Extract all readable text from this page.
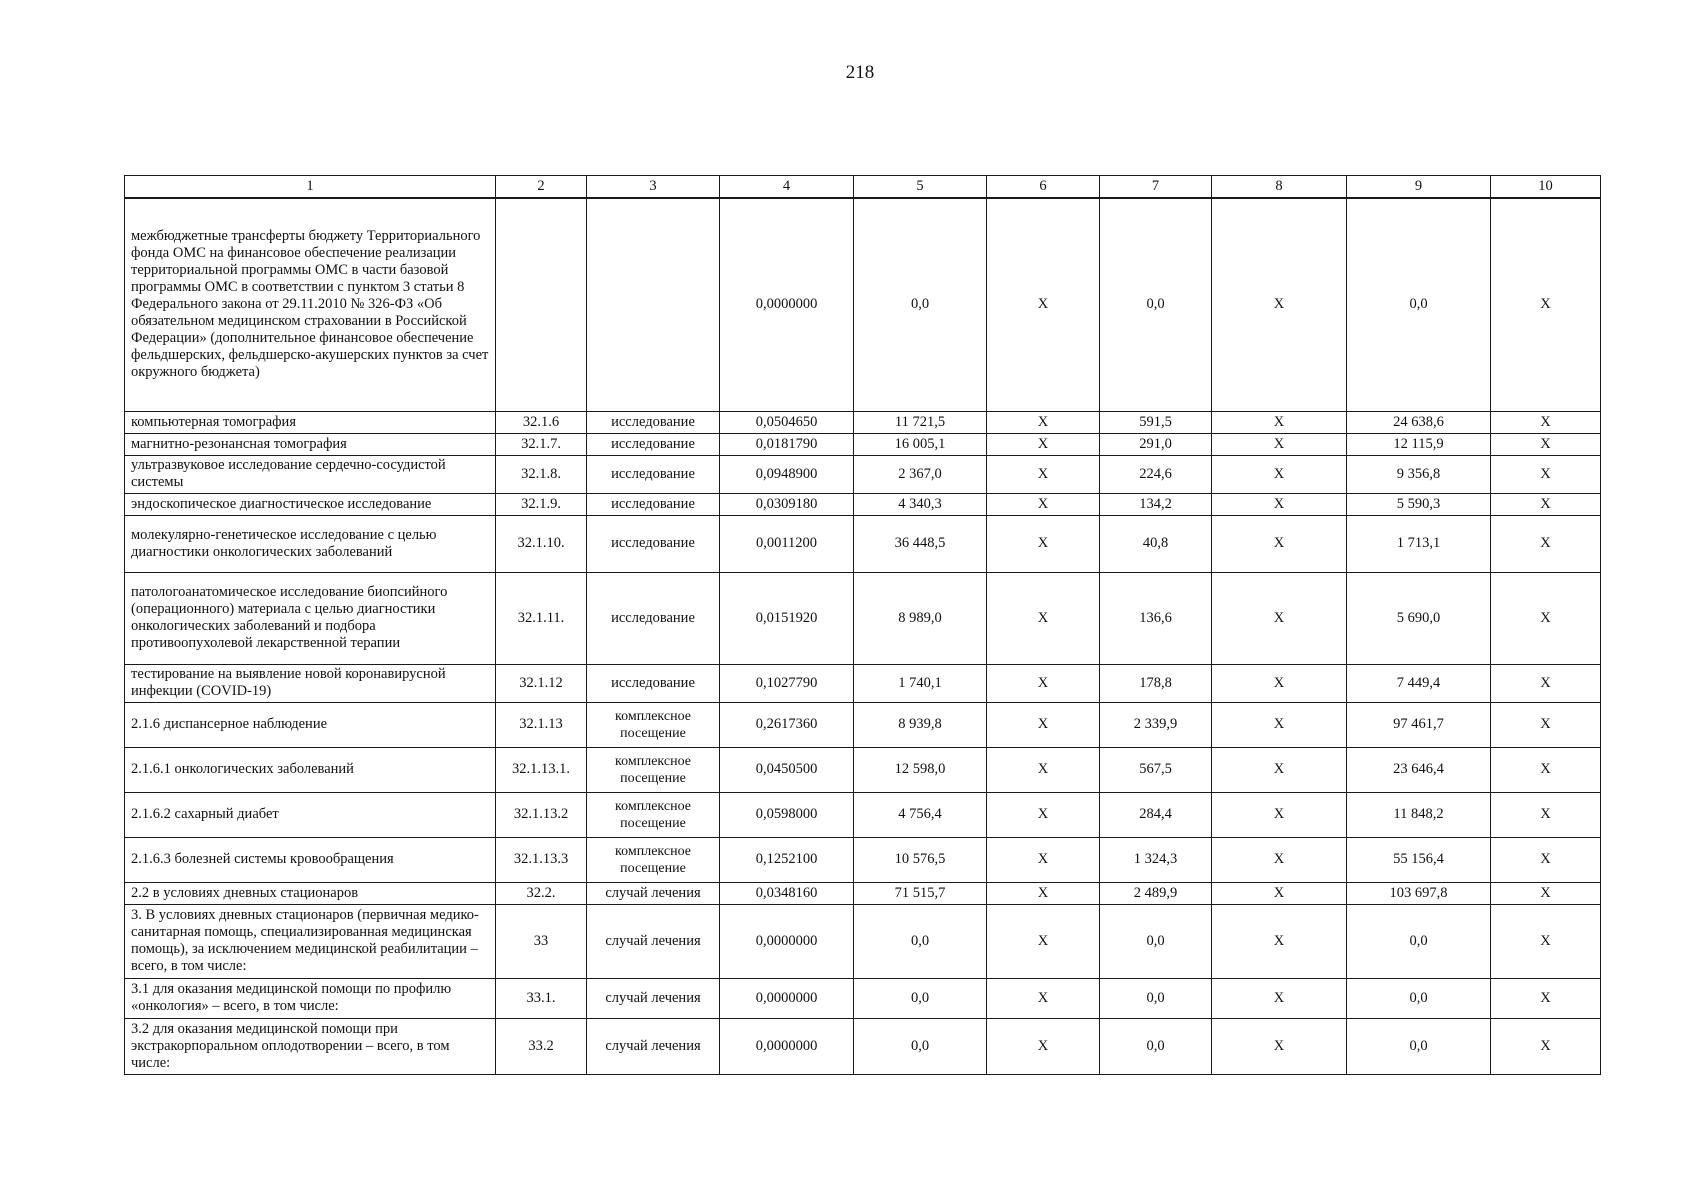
218
1	2	3	4	5	6	7	8	9	10
межбюджетные трансферты бюджету Территориального фонда ОМС на финансовое обеспечение реализации территориальной программы ОМС в части базовой программы ОМС в соответствии с пунктом 3 статьи 8 Федерального закона от 29.11.2010 № 326-ФЗ «Об обязательном медицинском страховании в Российской Федерации» (дополнительное финансовое обеспечение фельдшерских, фельдшерско-акушерских пунктов за счет окружного бюджета)			0,0000000	0,0	X	0,0	X	0,0	X
компьютерная томография	32.1.6	исследование	0,0504650	11 721,5	X	591,5	X	24 638,6	X
магнитно-резонансная томография	32.1.7.	исследование	0,0181790	16 005,1	X	291,0	X	12 115,9	X
ультразвуковое исследование сердечно-сосудистой системы	32.1.8.	исследование	0,0948900	2 367,0	X	224,6	X	9 356,8	X
эндоскопическое диагностическое исследование	32.1.9.	исследование	0,0309180	4 340,3	X	134,2	X	5 590,3	X
молекулярно-генетическое исследование с целью диагностики онкологических заболеваний	32.1.10.	исследование	0,0011200	36 448,5	X	40,8	X	1 713,1	X
патологоанатомическое исследование биопсийного (операционного) материала с целью диагностики онкологических заболеваний и подбора противоопухолевой лекарственной терапии	32.1.11.	исследование	0,0151920	8 989,0	X	136,6	X	5 690,0	X
тестирование на выявление новой коронавирусной инфекции (COVID-19)	32.1.12	исследование	0,1027790	1 740,1	X	178,8	X	7 449,4	X
2.1.6 диспансерное наблюдение	32.1.13	комплексное посещение	0,2617360	8 939,8	X	2 339,9	X	97 461,7	X
2.1.6.1 онкологических заболеваний	32.1.13.1.	комплексное посещение	0,0450500	12 598,0	X	567,5	X	23 646,4	X
2.1.6.2 сахарный диабет	32.1.13.2	комплексное посещение	0,0598000	4 756,4	X	284,4	X	11 848,2	X
2.1.6.3 болезней системы кровообращения	32.1.13.3	комплексное посещение	0,1252100	10 576,5	X	1 324,3	X	55 156,4	X
2.2 в условиях дневных стационаров	32.2.	случай лечения	0,0348160	71 515,7	X	2 489,9	X	103 697,8	X
3. В условиях дневных стационаров (первичная медико-санитарная помощь, специализированная медицинская помощь), за исключением медицинской реабилитации – всего, в том числе:	33	случай лечения	0,0000000	0,0	X	0,0	X	0,0	X
3.1 для оказания медицинской помощи по профилю «онкология» – всего, в том числе:	33.1.	случай лечения	0,0000000	0,0	X	0,0	X	0,0	X
3.2 для оказания медицинской помощи при экстракорпоральном оплодотворении – всего, в том числе:	33.2	случай лечения	0,0000000	0,0	X	0,0	X	0,0	X
